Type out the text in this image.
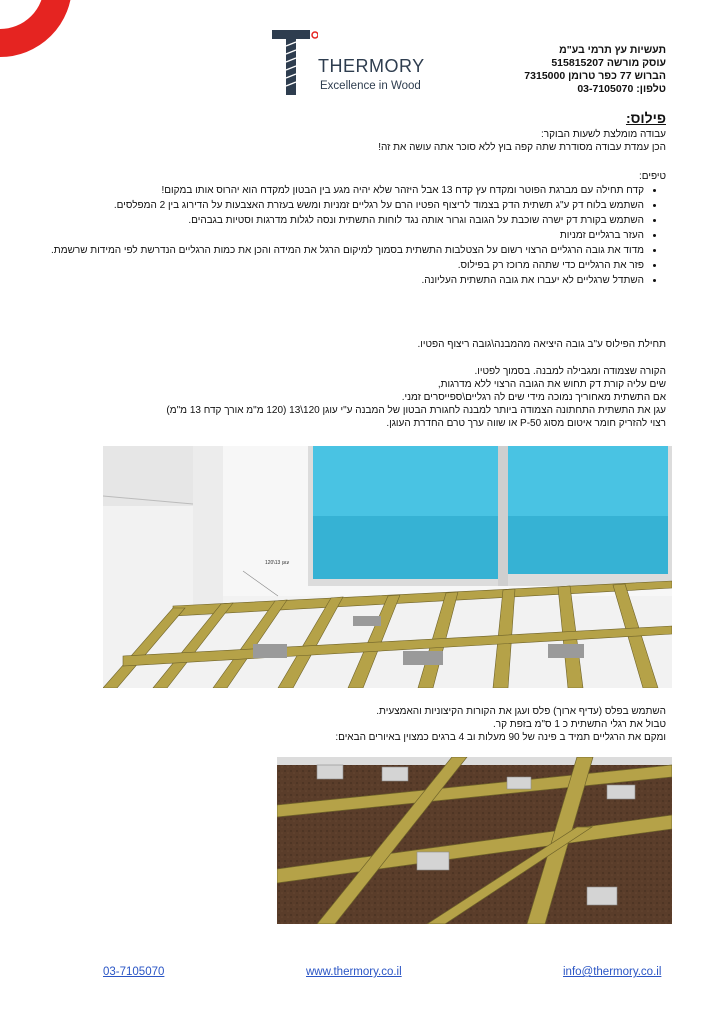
THERMORY
Excellence in Wood
תעשיות עץ תרמי בע"מ
עוסק מורשה 515815207
הברוש 77 כפר טרומן 7315000
טלפון: 03-7105070
פילוס:

עבודה מומלצת לשעות הבוקר:

הכן עמדת עבודה מסודרת שתה קפה בוץ ללא סוכר אתה עושה את זה!

טיפים:
• קדח תחילה עם מברגת הפוטר ומקדח עץ קדח 13 אבל היזהר שלא יהיה מגע בין הבטון למקדח הוא יהרוס אותו במקום!
• השתמש בלוח דק ע"ג תשתית הדק בצמוד לריצוף הפטיו הרם על רגליים זמניות ומשש בעזרת האצבעות על הדירוג בין 2 המפלסים.
• השתמש בקורת דק ישרה שוכבת על הגובה וגרור אותה נגד לוחות התשתית ונסה לגלות מדרגות וסטיות בגבהים.
• העזר ברגליים זמניות
• מדוד את גובה הרגליים הרצוי רשום על הצטלבות התשתית בסמוך למיקום הרגל את המידה והכן את כמות הרגליים הנדרשת לפי המידות שרשמת.
• פזר את הרגליים כדי שתהה מרוכז רק בפילוס.
• השתדל שרגליים לא יעברו את גובה התשתית העליונה.
תחילת הפילוס ע"ב גובה היציאה מהמבנה\גובה ריצוף הפטיו.

הקורה שצמודה ומגבילה למבנה. בסמוך לפטיו.

שים עליה קורת דק תחוש את הגובה הרצוי ללא מדרגות,

אם התשתית מאחוריך נמוכה מידי שים לה רגליים\ספייסרים זמני.

עגן את התשתית התחתונה הצמודה ביותר למבנה לחגורת הבטון של המבנה ע"י עוגן 120\13 (120 מ"מ אורך קדח 13 מ"מ)

רצוי להזריק חומר איטום מסוג P-50 או שווה ערך טרם החדרת העוגן.

עוגן 13\120

השתמש בפלס (עדיף ארוך) פלס ועגן את הקורות הקיצוניות והאמצעית.

טבול את רגלי התשתית כ 1 ס"מ בזפת קר.

ומקם את הרגליים תמיד ב פינה של 90 מעלות וב 4 ברגים כמצוין באיורים הבאים:

03-7105070	www.thermory.co.il	info@thermory.co.il
